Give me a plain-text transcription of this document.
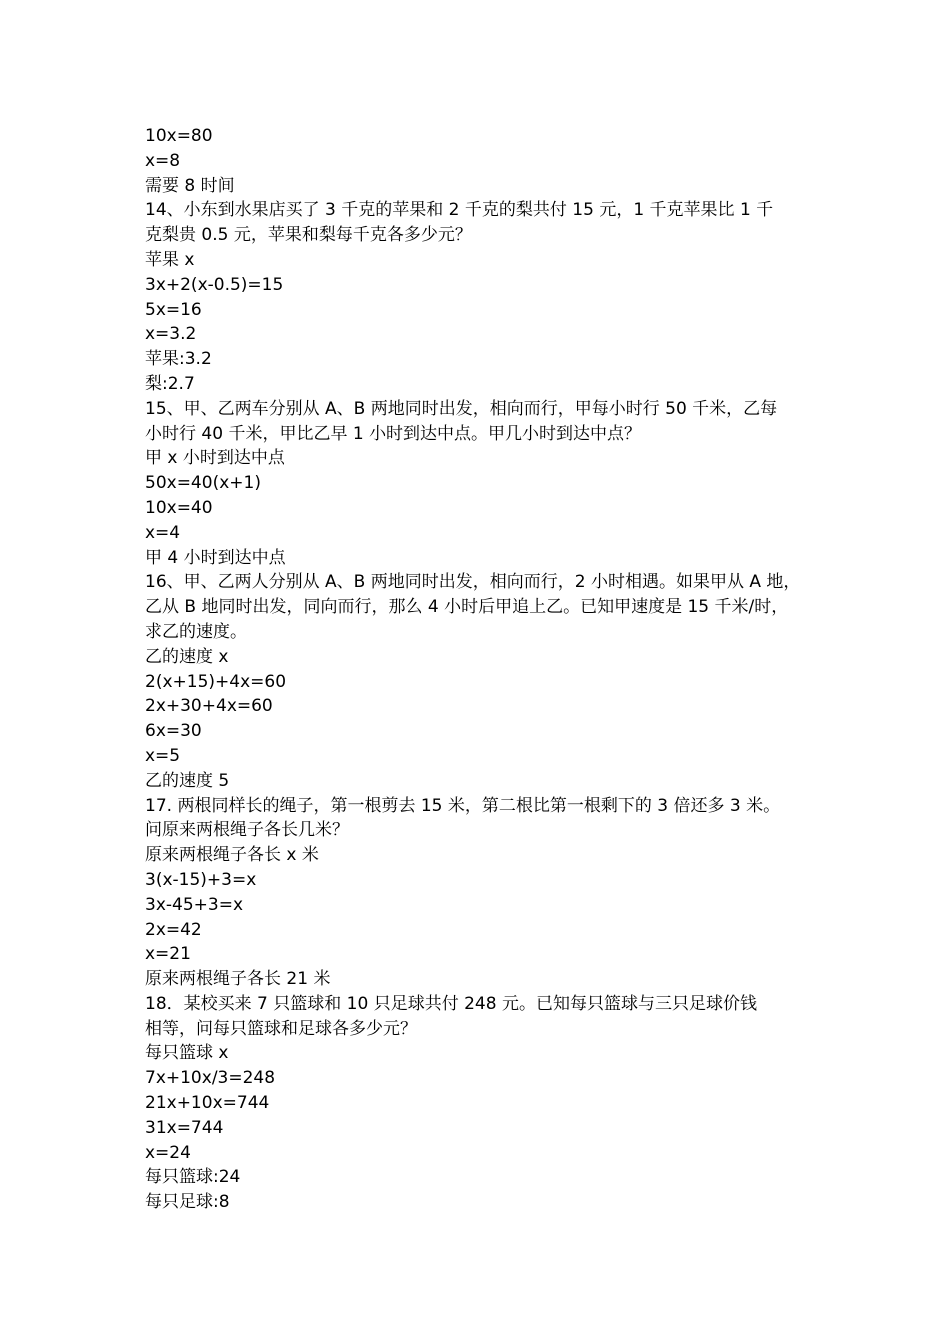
10x=80
x=8
需要 8 时间
14、小东到水果店买了 3 千克的苹果和 2 千克的梨共付 15 元，1 千克苹果比 1 千
克梨贵 0.5 元，苹果和梨每千克各多少元？
苹果 x
3x+2(x-0.5)=15
5x=16
x=3.2
苹果:3.2
梨:2.7
15、甲、乙两车分别从 A、B 两地同时出发，相向而行，甲每小时行 50 千米，乙每
小时行 40 千米，甲比乙早 1 小时到达中点。甲几小时到达中点？
甲 x 小时到达中点
50x=40(x+1)
10x=40
x=4
甲 4 小时到达中点
16、甲、乙两人分别从 A、B 两地同时出发，相向而行，2 小时相遇。如果甲从 A 地，
乙从 B 地同时出发，同向而行，那么 4 小时后甲追上乙。已知甲速度是 15 千米/时，
求乙的速度。
乙的速度 x
2(x+15)+4x=60
2x+30+4x=60
6x=30
x=5
乙的速度 5
17. 两根同样长的绳子，第一根剪去 15 米，第二根比第一根剩下的 3 倍还多 3 米。
问原来两根绳子各长几米？
原来两根绳子各长 x 米
3(x-15)+3=x
3x-45+3=x
2x=42
x=21
原来两根绳子各长 21 米
18．某校买来 7 只篮球和 10 只足球共付 248 元。已知每只篮球与三只足球价钱
相等，问每只篮球和足球各多少元？
每只篮球 x
7x+10x/3=248
21x+10x=744
31x=744
x=24
每只篮球:24
每只足球:8
